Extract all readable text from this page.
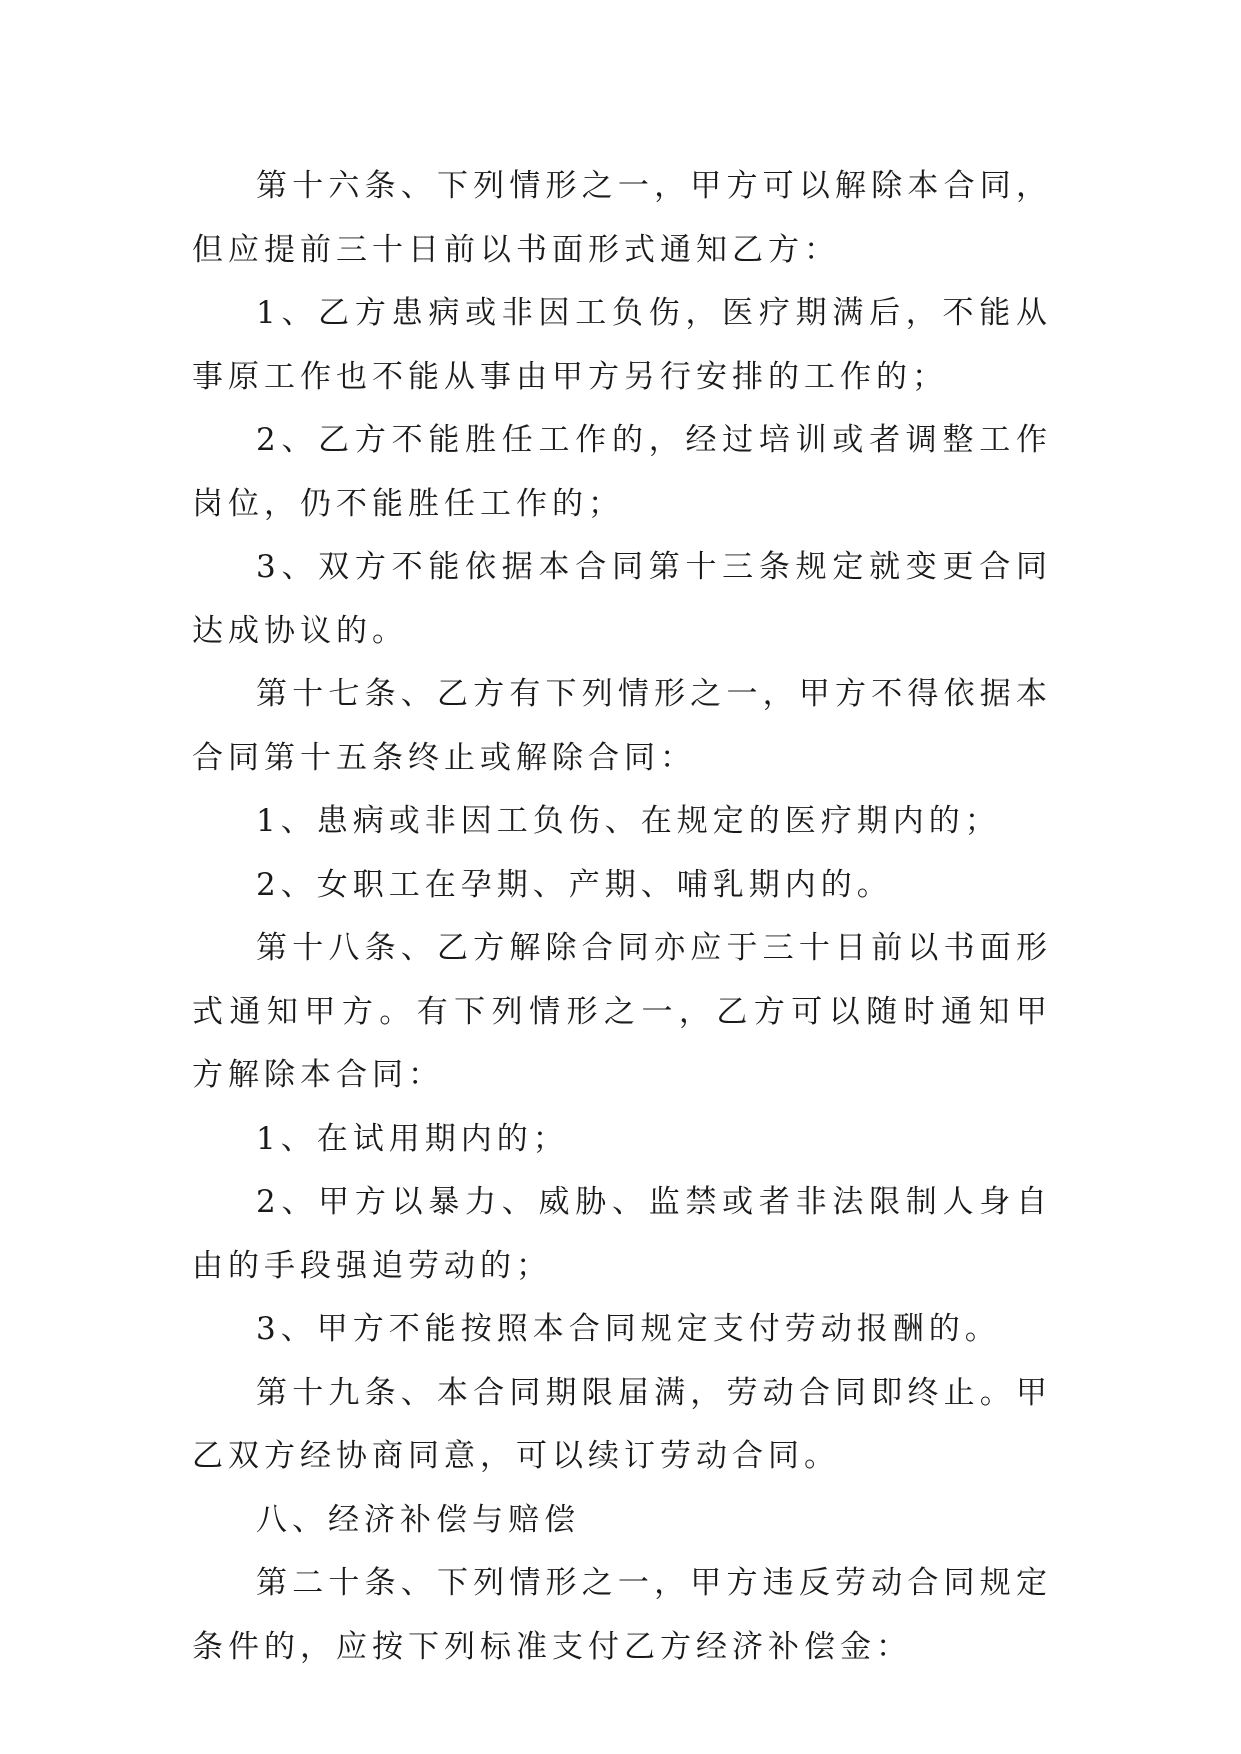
第十六条、下列情形之一，甲方可以解除本合同，但应提前三十日前以书面形式通知乙方：

1、乙方患病或非因工负伤，医疗期满后，不能从事原工作也不能从事由甲方另行安排的工作的；

2、乙方不能胜任工作的，经过培训或者调整工作岗位，仍不能胜任工作的；

3、双方不能依据本合同第十三条规定就变更合同达成协议的。

第十七条、乙方有下列情形之一，甲方不得依据本合同第十五条终止或解除合同：

1、患病或非因工负伤、在规定的医疗期内的；

2、女职工在孕期、产期、哺乳期内的。

第十八条、乙方解除合同亦应于三十日前以书面形式通知甲方。有下列情形之一，乙方可以随时通知甲方解除本合同：

1、在试用期内的；

2、甲方以暴力、威胁、监禁或者非法限制人身自由的手段强迫劳动的；

3、甲方不能按照本合同规定支付劳动报酬的。

第十九条、本合同期限届满，劳动合同即终止。甲乙双方经协商同意，可以续订劳动合同。

八、经济补偿与赔偿

第二十条、下列情形之一，甲方违反劳动合同规定条件的，应按下列标准支付乙方经济补偿金：
